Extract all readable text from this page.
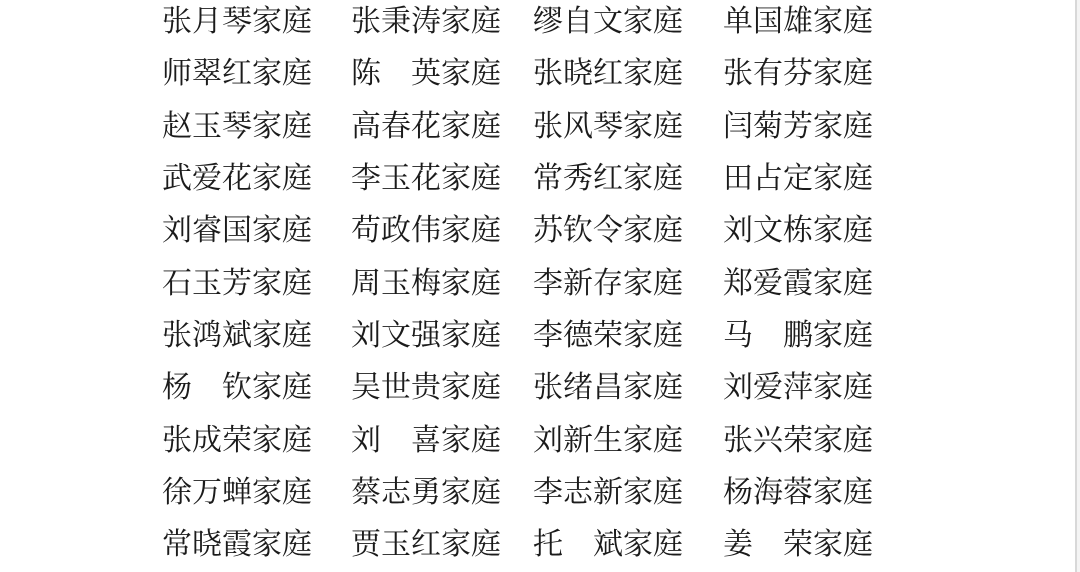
张月琴家庭	张秉涛家庭	缪自文家庭	单国雄家庭
师翠红家庭	陈　英家庭	张晓红家庭	张有芬家庭
赵玉琴家庭	高春花家庭	张风琴家庭	闫菊芳家庭
武爱花家庭	李玉花家庭	常秀红家庭	田占定家庭
刘睿国家庭	苟政伟家庭	苏钦令家庭	刘文栋家庭
石玉芳家庭	周玉梅家庭	李新存家庭	郑爱霞家庭
张鸿斌家庭	刘文强家庭	李德荣家庭	马　鹏家庭
杨　钦家庭	吴世贵家庭	张绪昌家庭	刘爱萍家庭
张成荣家庭	刘　喜家庭	刘新生家庭	张兴荣家庭
徐万蝉家庭	蔡志勇家庭	李志新家庭	杨海蓉家庭
常晓霞家庭	贾玉红家庭	托　斌家庭	姜　荣家庭
